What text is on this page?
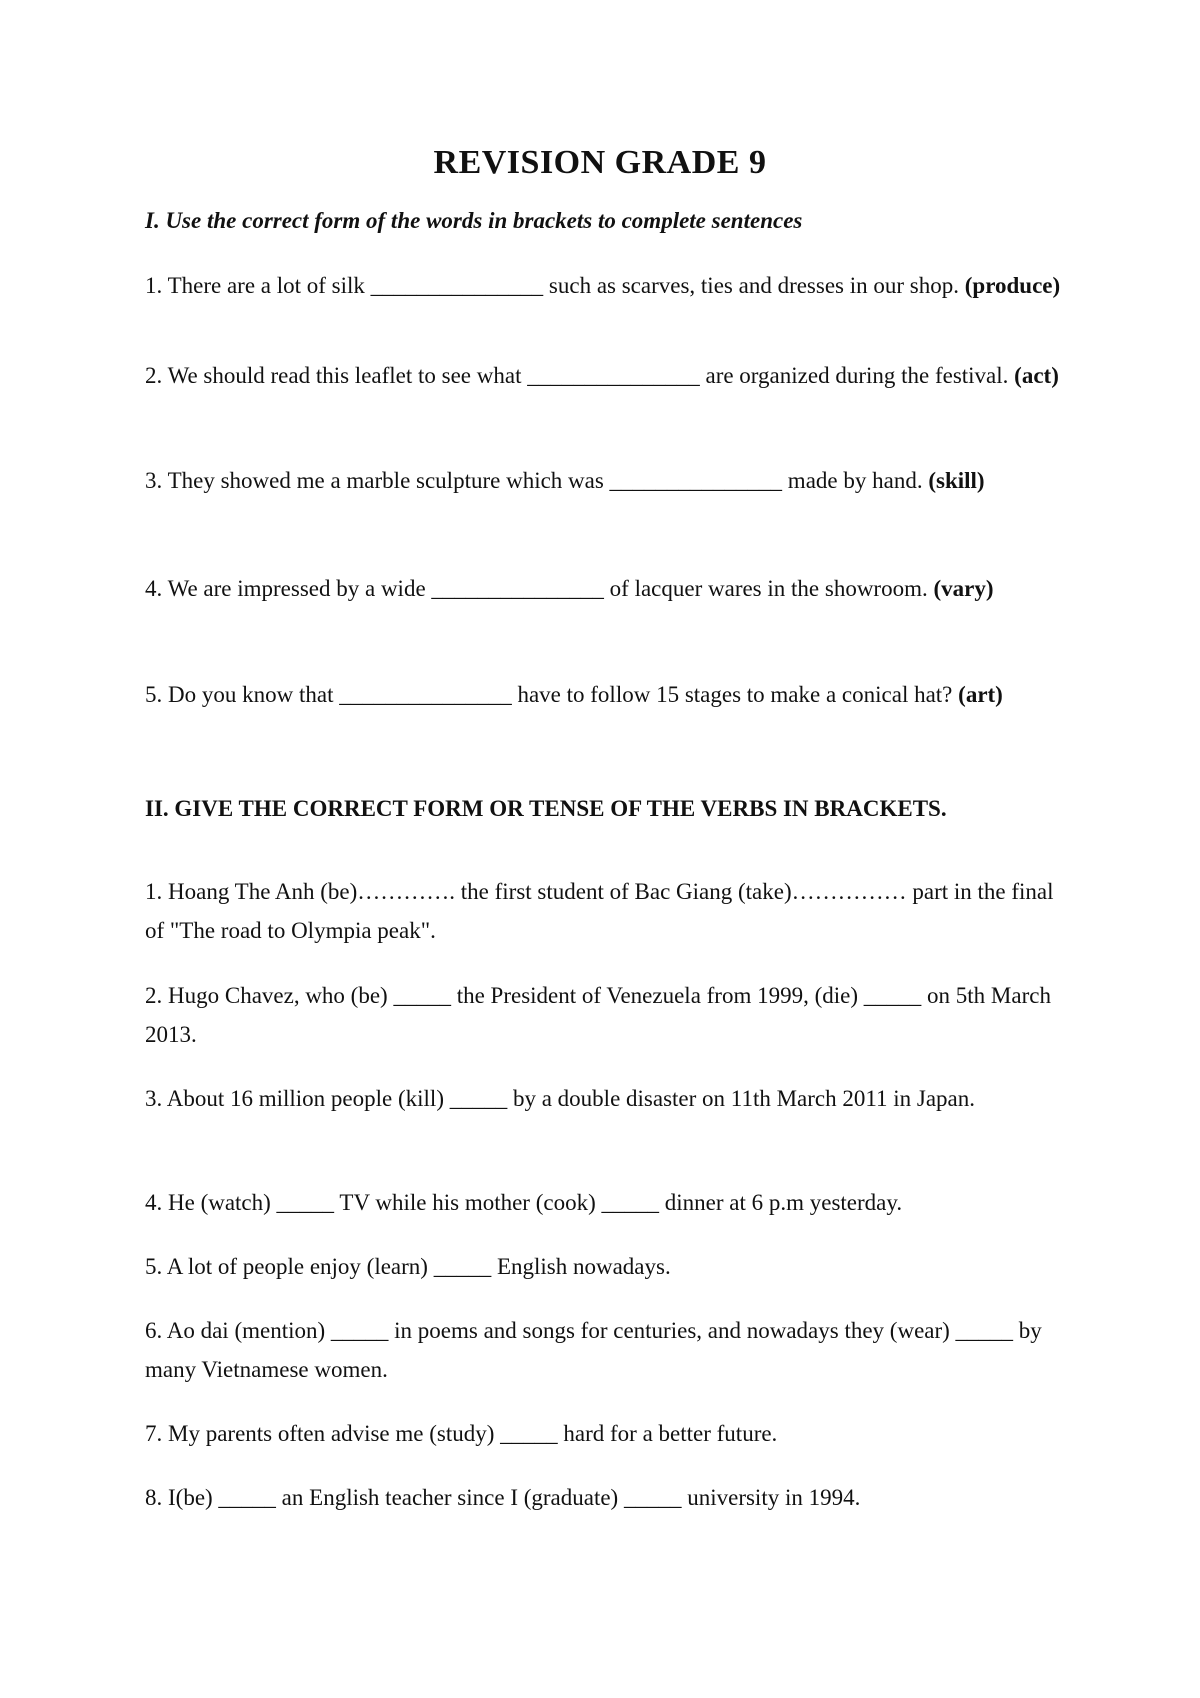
REVISION GRADE 9
I. Use the correct form of the words in brackets to complete sentences
1. There are a lot of silk _______________ such as scarves, ties and dresses in our shop. (produce)
2. We should read this leaflet to see what _______________ are organized during the festival. (act)
3. They showed me a marble sculpture which was _______________ made by hand. (skill)
4. We are impressed by a wide _______________ of lacquer wares in the showroom. (vary)
5. Do you know that _______________ have to follow 15 stages to make a conical hat? (art)
II. GIVE THE CORRECT FORM OR TENSE OF THE VERBS IN BRACKETS.
1. Hoang The Anh (be)…………. the first student of Bac Giang (take)…………… part in the final of "The road to Olympia peak".
2. Hugo Chavez, who (be) _____ the President of Venezuela from 1999, (die) _____ on 5th March 2013.
3. About 16 million people (kill) _____ by a double disaster on 11th March 2011 in Japan.
4. He (watch) _____ TV while his mother (cook) _____ dinner at 6 p.m yesterday.
5. A lot of people enjoy (learn) _____ English nowadays.
6. Ao dai (mention) _____ in poems and songs for centuries, and nowadays they (wear) _____ by many Vietnamese women.
7. My parents often advise me (study) _____ hard for a better future.
8. I(be) _____ an English teacher since I (graduate) _____ university in 1994.
